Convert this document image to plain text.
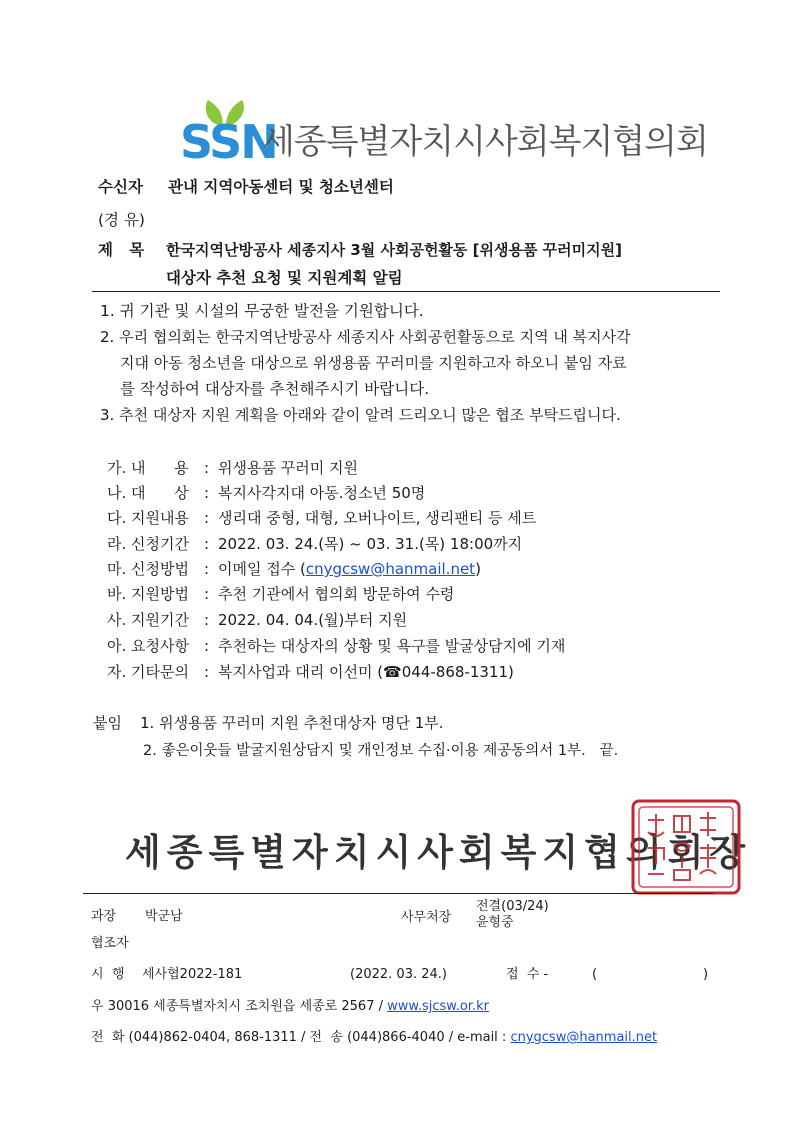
SSN
세종특별자치시사회복지협의회
수신자 관내 지역아동센터 및 청소년센터
(경 유)
제   목 한국지역난방공사 세종지사 3월 사회공헌활동 [위생용품 꾸러미지원]
대상자 추천 요청 및 지원계획 알림
1. 귀 기관 및 시설의 무궁한 발전을 기원합니다.
2. 우리 협의회는 한국지역난방공사 세종지사 사회공헌활동으로 지역 내 복지사각
지대 아동 청소년을 대상으로 위생용품 꾸러미를 지원하고자 하오니 붙임 자료
를 작성하여 대상자를 추천해주시기 바랍니다.
3. 추천 대상자 지원 계획을 아래와 같이 알려 드리오니 많은 협조 부탁드립니다.
가. 내      용 : 위생용품 꾸러미 지원
나. 대      상 : 복지사각지대 아동.청소년 50명
다. 지원내용 : 생리대 중형, 대형, 오버나이트, 생리팬티 등 세트
라. 신청기간 : 2022. 03. 24.(목) ~ 03. 31.(목) 18:00까지
마. 신청방법 : 이메일 접수 (cnygcsw@hanmail.net)
바. 지원방법 : 추천 기관에서 협의회 방문하여 수령
사. 지원기간 : 2022. 04. 04.(월)부터 지원
아. 요청사항 : 추천하는 대상자의 상황 및 욕구를 발굴상담지에 기재
자. 기타문의 : 복지사업과 대리 이선미 (☎044-868-1311)
붙임 1. 위생용품 꾸러미 지원 추천대상자 명단 1부.
2. 좋은이웃들 발굴지원상담지 및 개인정보 수집·이용 제공동의서 1부.   끝.
세종특별자치시사회복지협의회장
과장 박군남	사무처장
전결(03/24)
윤형중
협조자
시  행 세사협2022-181	(2022. 03. 24.)	접  수 -	(	)
우 30016 세종특별자치시 조치원읍 세종로 2567 / www.sjcsw.or.kr
전  화 (044)862-0404, 868-1311 / 전  송 (044)866-4040 / e-mail : cnygcsw@hanmail.net
